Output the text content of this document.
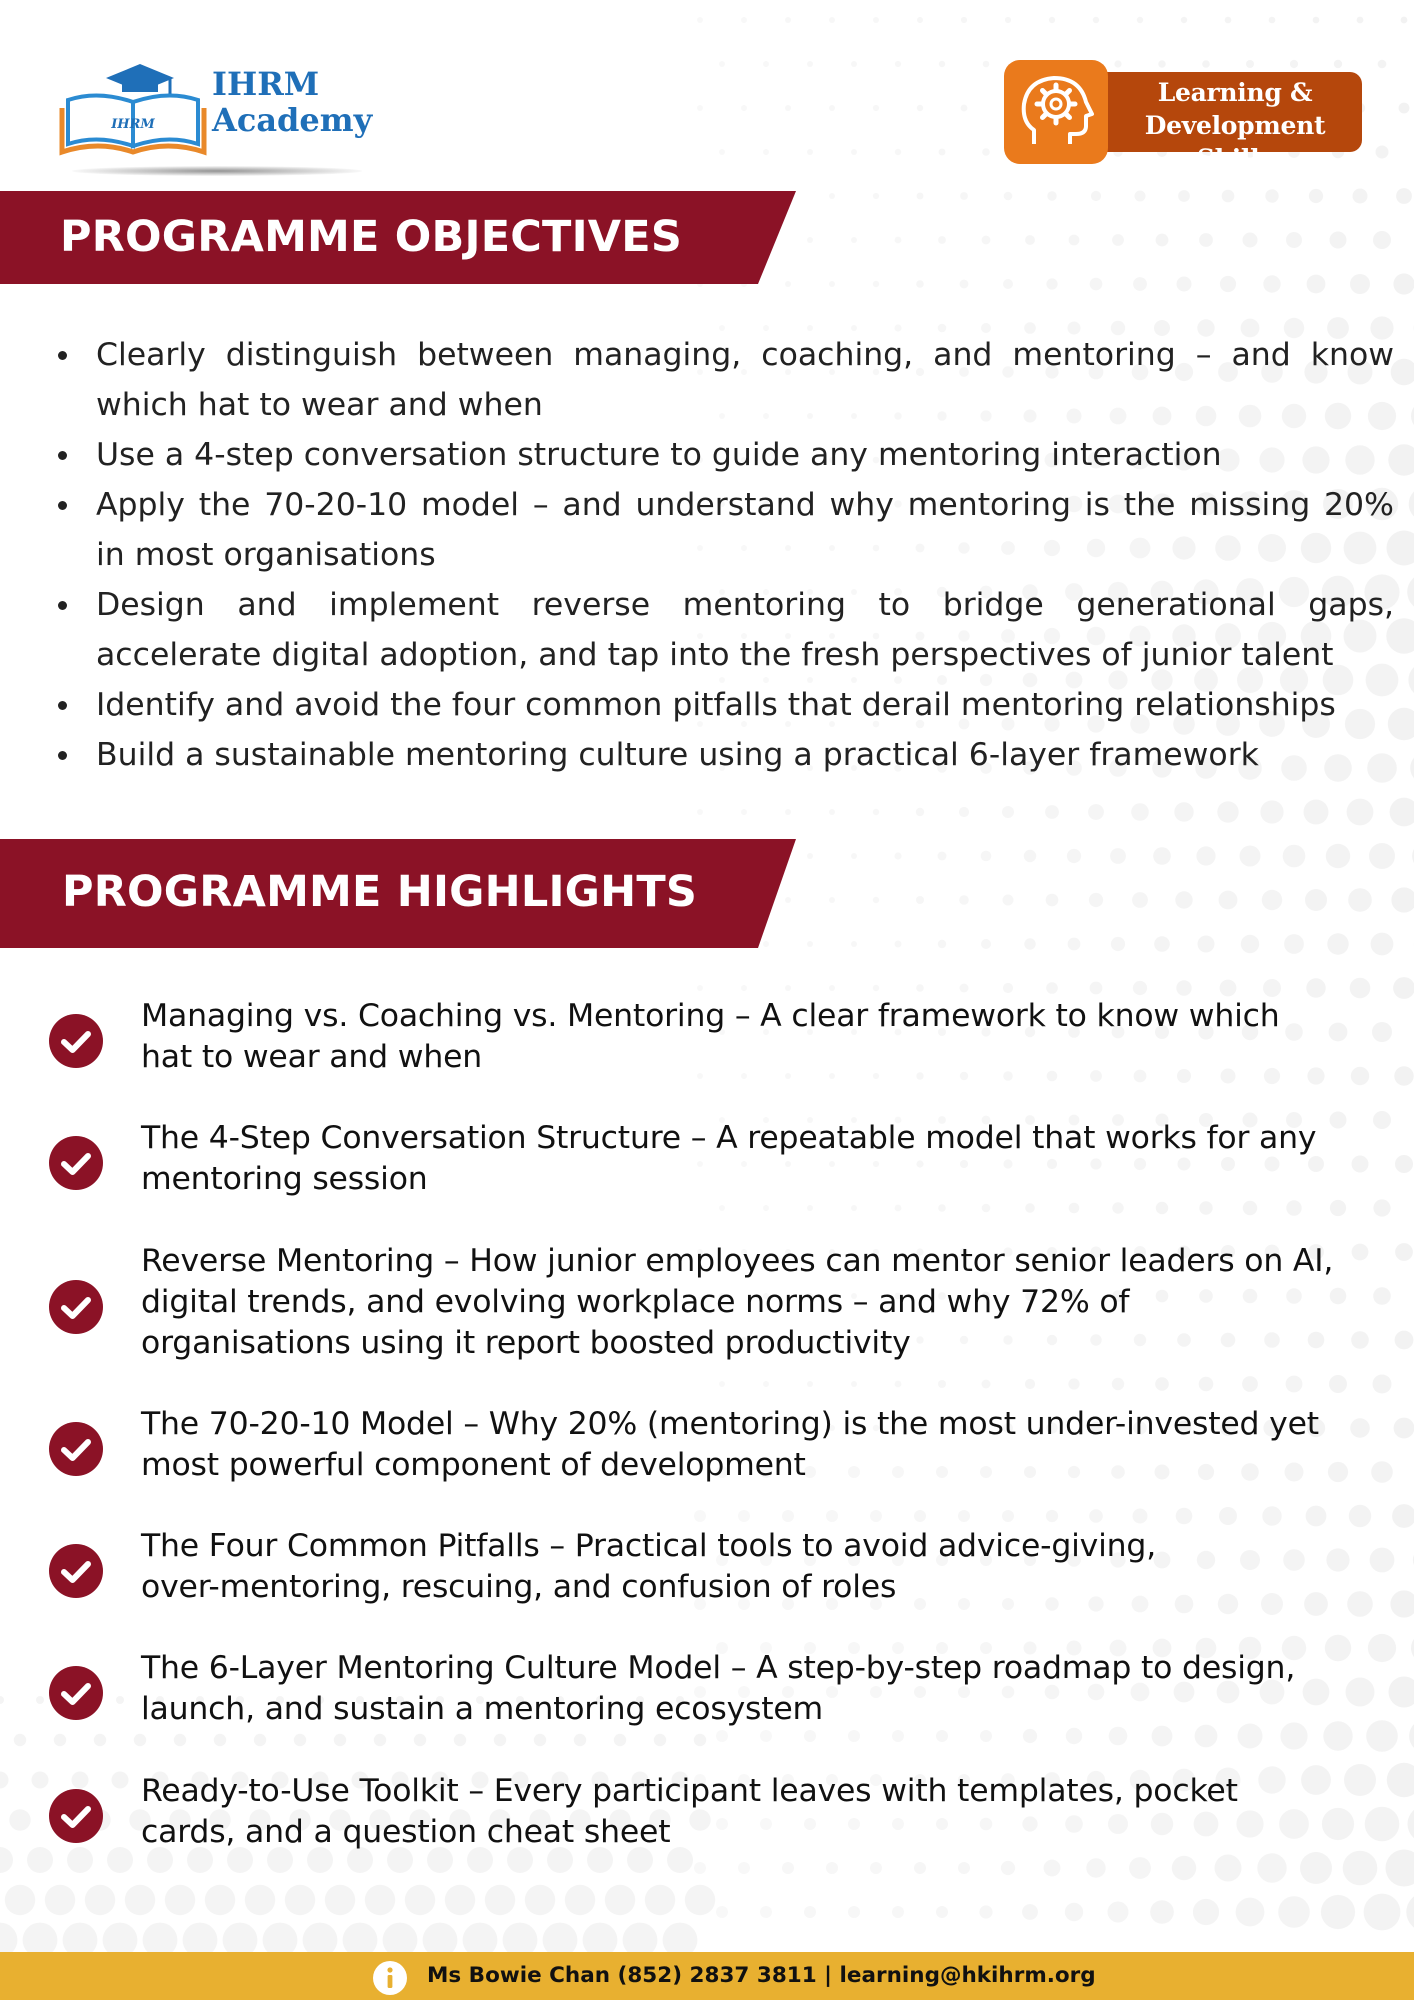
IHRM
IHRM
Academy
Learning &
Development Skills
PROGRAMME OBJECTIVES
Clearly distinguish between managing, coaching, and mentoring – and know
which hat to wear and when
Use a 4-step conversation structure to guide any mentoring interaction
Apply the 70-20-10 model – and understand why mentoring is the missing 20%
in most organisations
Design and implement reverse mentoring to bridge generational gaps,
accelerate digital adoption, and tap into the fresh perspectives of junior talent
Identify and avoid the four common pitfalls that derail mentoring relationships
Build a sustainable mentoring culture using a practical 6-layer framework
PROGRAMME HIGHLIGHTS
Managing vs. Coaching vs. Mentoring – A clear framework to know which
hat to wear and when
The 4-Step Conversation Structure – A repeatable model that works for any
mentoring session
Reverse Mentoring – How junior employees can mentor senior leaders on AI,
digital trends, and evolving workplace norms – and why 72% of
organisations using it report boosted productivity
The 70-20-10 Model – Why 20% (mentoring) is the most under-invested yet
most powerful component of development
The Four Common Pitfalls – Practical tools to avoid advice-giving,
over-mentoring, rescuing, and confusion of roles
The 6-Layer Mentoring Culture Model – A step-by-step roadmap to design,
launch, and sustain a mentoring ecosystem
Ready-to-Use Toolkit – Every participant leaves with templates, pocket
cards, and a question cheat sheet
Ms Bowie Chan (852) 2837 3811 | learning@hkihrm.org
